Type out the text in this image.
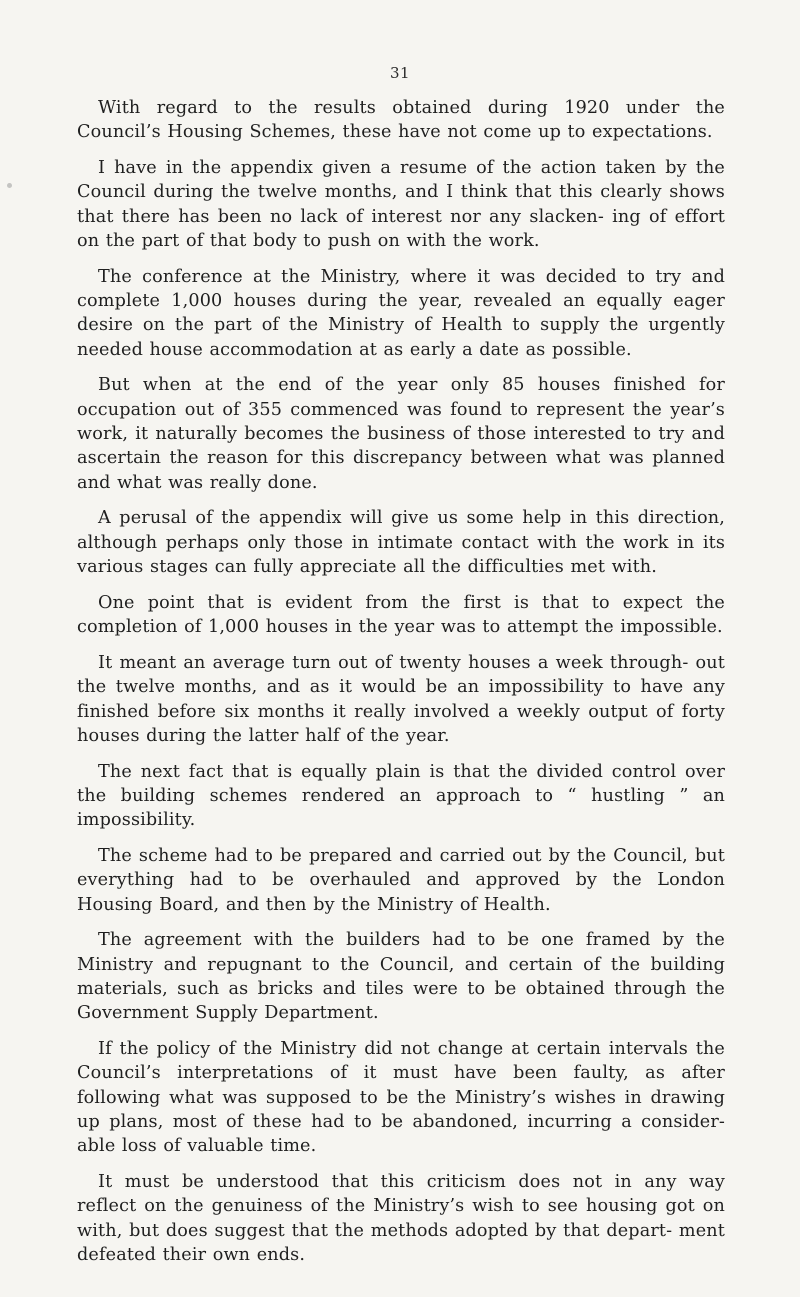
31

With regard to the results obtained during 1920 under the Council’s Housing Schemes, these have not come up to expectations.

I have in the appendix given a resume of the action taken by the Council during the twelve months, and I think that this clearly shows that there has been no lack of interest nor any slacken- ing of effort on the part of that body to push on with the work.

The conference at the Ministry, where it was decided to try and complete 1,000 houses during the year, revealed an equally eager desire on the part of the Ministry of Health to supply the urgently needed house accommodation at as early a date as possible.

But when at the end of the year only 85 houses finished for occupation out of 355 commenced was found to represent the year’s work, it naturally becomes the business of those interested to try and ascertain the reason for this discrepancy between what was planned and what was really done.

A perusal of the appendix will give us some help in this direction, although perhaps only those in intimate contact with the work in its various stages can fully appreciate all the difficulties met with.

One point that is evident from the first is that to expect the completion of 1,000 houses in the year was to attempt the impossible.

It meant an average turn out of twenty houses a week through- out the twelve months, and as it would be an impossibility to have any finished before six months it really involved a weekly output of forty houses during the latter half of the year.

The next fact that is equally plain is that the divided control over the building schemes rendered an approach to “ hustling ” an impossibility.

The scheme had to be prepared and carried out by the Council, but everything had to be overhauled and approved by the London Housing Board, and then by the Ministry of Health.

The agreement with the builders had to be one framed by the Ministry and repugnant to the Council, and certain of the building materials, such as bricks and tiles were to be obtained through the Government Supply Department.

If the policy of the Ministry did not change at certain intervals the Council’s interpretations of it must have been faulty, as after following what was supposed to be the Ministry’s wishes in drawing up plans, most of these had to be abandoned, incurring a consider- able loss of valuable time.

It must be understood that this criticism does not in any way reflect on the genuiness of the Ministry’s wish to see housing got on with, but does suggest that the methods adopted by that depart- ment defeated their own ends.
